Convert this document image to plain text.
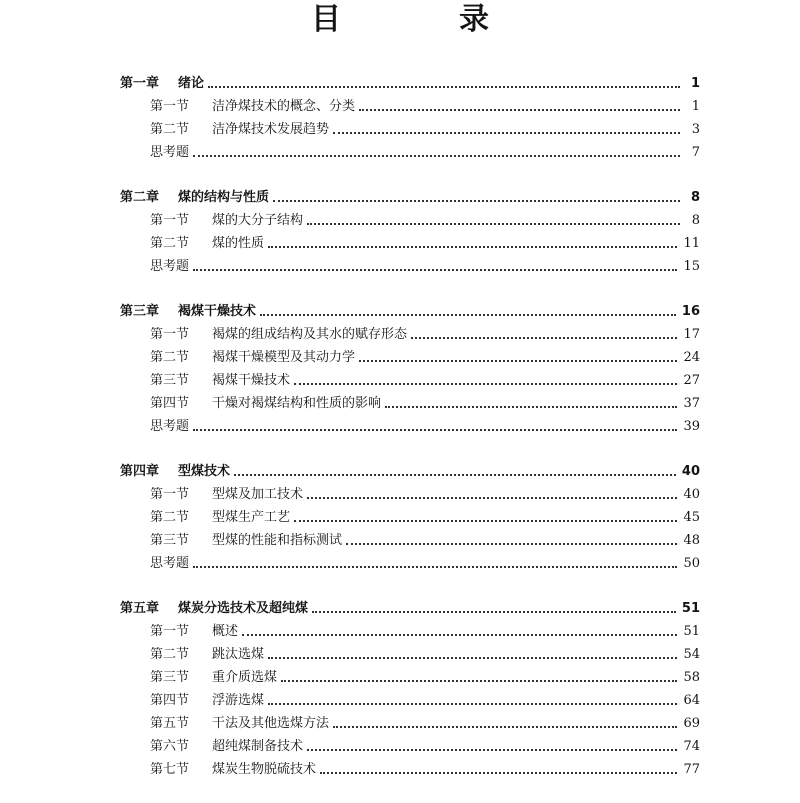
目　录
第一章	绪论	1
第一节	洁净煤技术的概念、分类	1
第二节	洁净煤技术发展趋势	3
思考题	7
第二章	煤的结构与性质	8
第一节	煤的大分子结构	8
第二节	煤的性质	11
思考题	15
第三章	褐煤干燥技术	16
第一节	褐煤的组成结构及其水的赋存形态	17
第二节	褐煤干燥模型及其动力学	24
第三节	褐煤干燥技术	27
第四节	干燥对褐煤结构和性质的影响	37
思考题	39
第四章	型煤技术	40
第一节	型煤及加工技术	40
第二节	型煤生产工艺	45
第三节	型煤的性能和指标测试	48
思考题	50
第五章	煤炭分选技术及超纯煤	51
第一节	概述	51
第二节	跳汰选煤	54
第三节	重介质选煤	58
第四节	浮游选煤	64
第五节	干法及其他选煤方法	69
第六节	超纯煤制备技术	74
第七节	煤炭生物脱硫技术	77
